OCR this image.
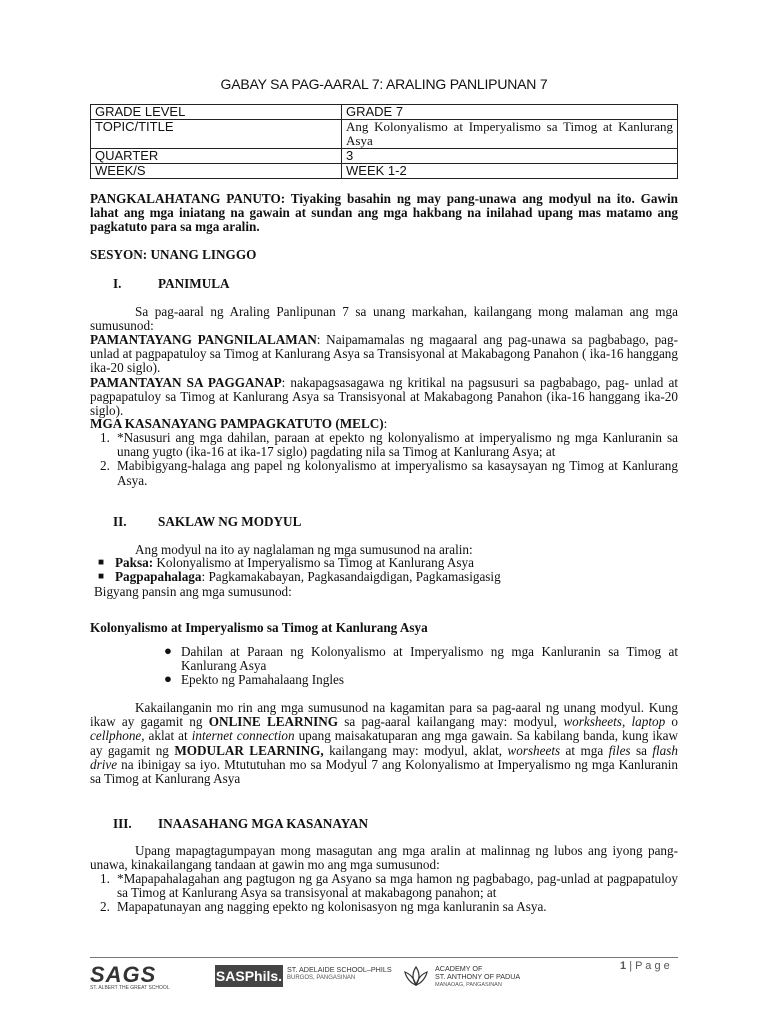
GABAY SA PAG-AARAL 7: ARALING PANLIPUNAN 7
GRADE LEVEL	GRADE 7
TOPIC/TITLE	Ang Kolonyalismo at Imperyalismo sa Timog at Kanlurang Asya
QUARTER	3
WEEK/S	WEEK 1-2
PANGKALAHATANG PANUTO: Tiyaking basahin ng may pang-unawa ang modyul na ito. Gawin lahat ang mga iniatang na gawain at sundan ang mga hakbang na inilahad upang mas matamo ang pagkatuto para sa mga aralin.
SESYON: UNANG LINGGO
I.	PANIMULA
Sa pag-aaral ng Araling Panlipunan 7 sa unang markahan, kailangang mong malaman ang mga sumusunod:
PAMANTAYANG PANGNILALAMAN: Naipamamalas ng magaaral ang pag-unawa sa pagbabago, pag-unlad at pagpapatuloy sa Timog at Kanlurang Asya sa Transisyonal at Makabagong Panahon ( ika-16 hanggang ika-20 siglo).
PAMANTAYAN SA PAGGANAP: nakapagsasagawa ng kritikal na pagsusuri sa pagbabago, pag- unlad at pagpapatuloy sa Timog at Kanlurang Asya sa Transisyonal at Makabagong Panahon (ika-16 hanggang ika-20 siglo).
MGA KASANAYANG PAMPAGKATUTO (MELC):
1. *Nasusuri ang mga dahilan, paraan at epekto ng kolonyalismo at imperyalismo ng mga Kanluranin sa unang yugto (ika-16 at ika-17 siglo) pagdating nila sa Timog at Kanlurang Asya; at
2. Mabibigyang-halaga ang papel ng kolonyalismo at imperyalismo sa kasaysayan ng Timog at Kanlurang Asya.
II. SAKLAW NG MODYUL
Ang modyul na ito ay naglalaman ng mga sumusunod na aralin:
■ Paksa: Kolonyalismo at Imperyalismo sa Timog at Kanlurang Asya
■ Pagpapahalaga: Pagkamakabayan, Pagkasandaigdigan, Pagkamasigasig
Bigyang pansin ang mga sumusunod:
Kolonyalismo at Imperyalismo sa Timog at Kanlurang Asya
● Dahilan at Paraan ng Kolonyalismo at Imperyalismo ng mga Kanluranin sa Timog at Kanlurang Asya
● Epekto ng Pamahalaang Ingles
Kakailanganin mo rin ang mga sumusunod na kagamitan para sa pag-aaral ng unang modyul. Kung ikaw ay gagamit ng ONLINE LEARNING sa pag-aaral kailangang may: modyul, worksheets, laptop o cellphone, aklat at internet connection upang maisakatuparan ang mga gawain. Sa kabilang banda, kung ikaw ay gagamit ng MODULAR LEARNING, kailangang may: modyul, aklat, worsheets at mga files sa flash drive na ibinigay sa iyo. Mtututuhan mo sa Modyul 7 ang Kolonyalismo at Imperyalismo ng mga Kanluranin sa Timog at Kanlurang Asya
III. INAASAHANG MGA KASANAYAN
Upang mapagtagumpayan mong masagutan ang mga aralin at malinnag ng lubos ang iyong pang-unawa, kinakailangang tandaan at gawin mo ang mga sumusunod:
1. *Mapapahalagahan ang pagtugon ng ga Asyano sa mga hamon ng pagbabago, pag-unlad at pagpapatuloy sa Timog at Kanlurang Asya sa transisyonal at makabagong panahon; at
2. Mapapatunayan ang nagging epekto ng kolonisasyon ng mga kanluranin sa Asya.
1 | P a g e
SAGS
ST. ALBERT THE GREAT SCHOOL
SASPhils. ST. ADELAIDE SCHOOL–PHILS
BURGOS, PANGASINAN
ACADEMY OF
ST. ANTHONY OF PADUA
MANAOAG, PANGASINAN
